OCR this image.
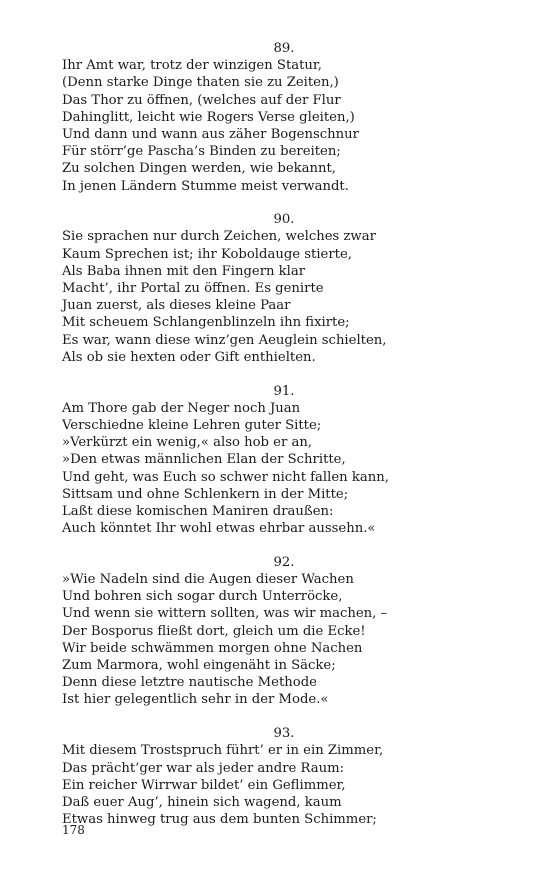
89.
Ihr Amt war, trotz der winzigen Statur,
(Denn starke Dinge thaten sie zu Zeiten,)
Das Thor zu öffnen, (welches auf der Flur
Dahinglitt, leicht wie Rogers Verse gleiten,)
Und dann und wann aus zäher Bogenschnur
Für störr’ge Pascha’s Binden zu bereiten;
Zu solchen Dingen werden, wie bekannt,
In jenen Ländern Stumme meist verwandt.
90.
Sie sprachen nur durch Zeichen, welches zwar
Kaum Sprechen ist; ihr Koboldauge stierte,
Als Baba ihnen mit den Fingern klar
Macht’, ihr Portal zu öffnen. Es genirte
Juan zuerst, als dieses kleine Paar
Mit scheuem Schlangenblinzeln ihn fixirte;
Es war, wann diese winz’gen Aeuglein schielten,
Als ob sie hexten oder Gift enthielten.
91.
Am Thore gab der Neger noch Juan
Verschiedne kleine Lehren guter Sitte;
»Verkürzt ein wenig,« also hob er an,
»Den etwas männlichen Elan der Schritte,
Und geht, was Euch so schwer nicht fallen kann,
Sittsam und ohne Schlenkern in der Mitte;
Laßt diese komischen Maniren draußen:
Auch könntet Ihr wohl etwas ehrbar aussehn.«
92.
»Wie Nadeln sind die Augen dieser Wachen
Und bohren sich sogar durch Unterröcke,
Und wenn sie wittern sollten, was wir machen, –
Der Bosporus fließt dort, gleich um die Ecke!
Wir beide schwämmen morgen ohne Nachen
Zum Marmora, wohl eingenäht in Säcke;
Denn diese letztre nautische Methode
Ist hier gelegentlich sehr in der Mode.«
93.
Mit diesem Trostspruch führt’ er in ein Zimmer,
Das prächt’ger war als jeder andre Raum:
Ein reicher Wirrwar bildet’ ein Geflimmer,
Daß euer Aug’, hinein sich wagend, kaum
Etwas hinweg trug aus dem bunten Schimmer;
178
